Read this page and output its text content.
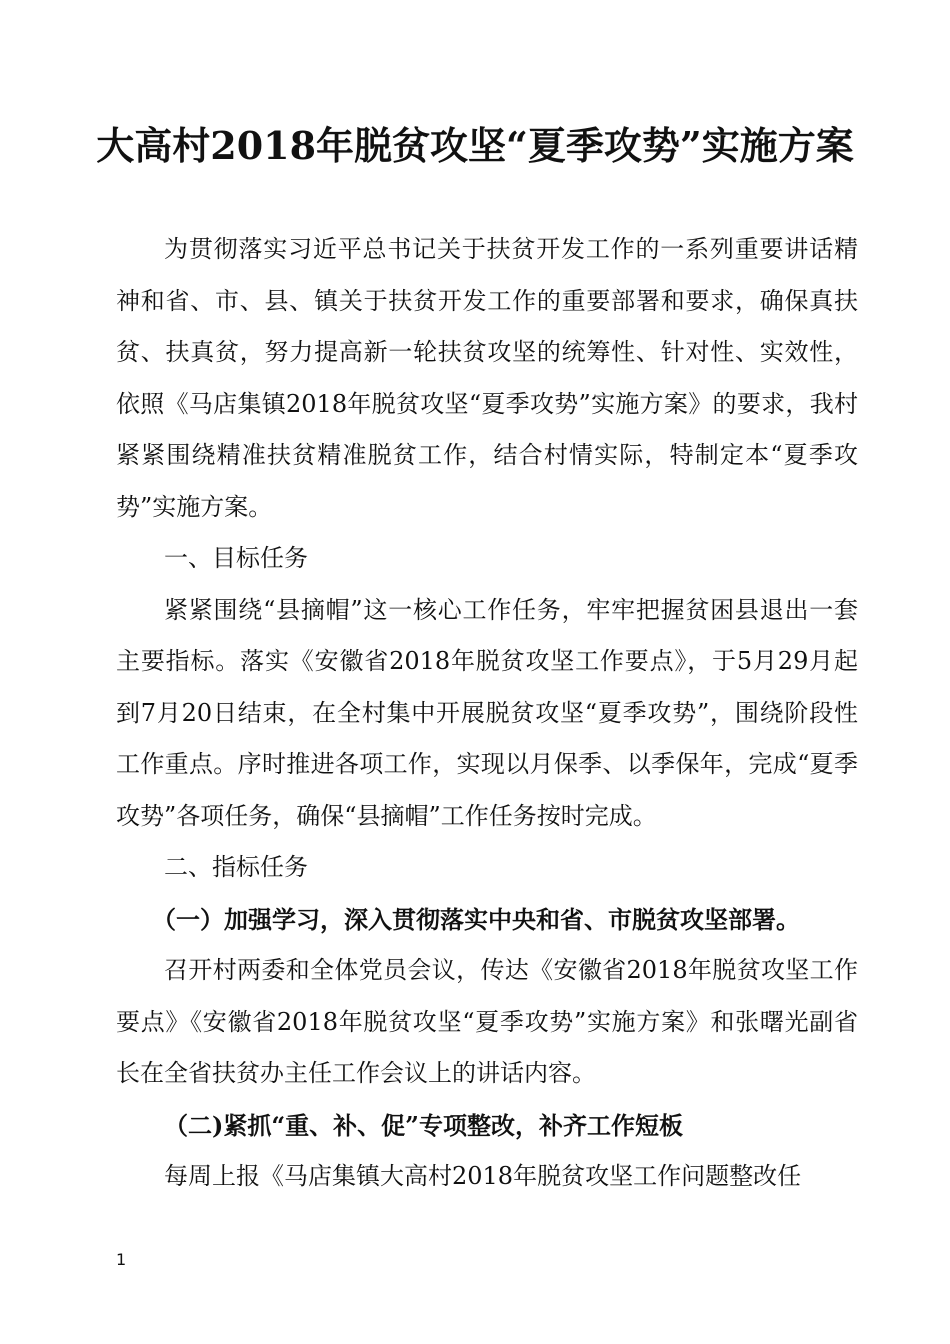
大高村2018年脱贫攻坚“夏季攻势”实施方案

为贯彻落实习近平总书记关于扶贫开发工作的一系列重要讲话精神和省、市、县、镇关于扶贫开发工作的重要部署和要求，确保真扶贫、扶真贫，努力提高新一轮扶贫攻坚的统筹性、针对性、实效性，依照《马店集镇2018年脱贫攻坚“夏季攻势”实施方案》的要求，我村紧紧围绕精准扶贫精准脱贫工作，结合村情实际，特制定本“夏季攻势”实施方案。

一、目标任务

紧紧围绕“县摘帽”这一核心工作任务，牢牢把握贫困县退出一套主要指标。落实《安徽省2018年脱贫攻坚工作要点》，于5月29月起到7月20日结束，在全村集中开展脱贫攻坚“夏季攻势”，围绕阶段性工作重点。序时推进各项工作，实现以月保季、以季保年，完成“夏季攻势”各项任务，确保“县摘帽”工作任务按时完成。

二、指标任务

（一）加强学习，深入贯彻落实中央和省、市脱贫攻坚部署。

召开村两委和全体党员会议，传达《安徽省2018年脱贫攻坚工作要点》《安徽省2018年脱贫攻坚“夏季攻势”实施方案》和张曙光副省长在全省扶贫办主任工作会议上的讲话内容。

（二)紧抓“重、补、促”专项整改，补齐工作短板

每周上报《马店集镇大高村2018年脱贫攻坚工作问题整改任

1
